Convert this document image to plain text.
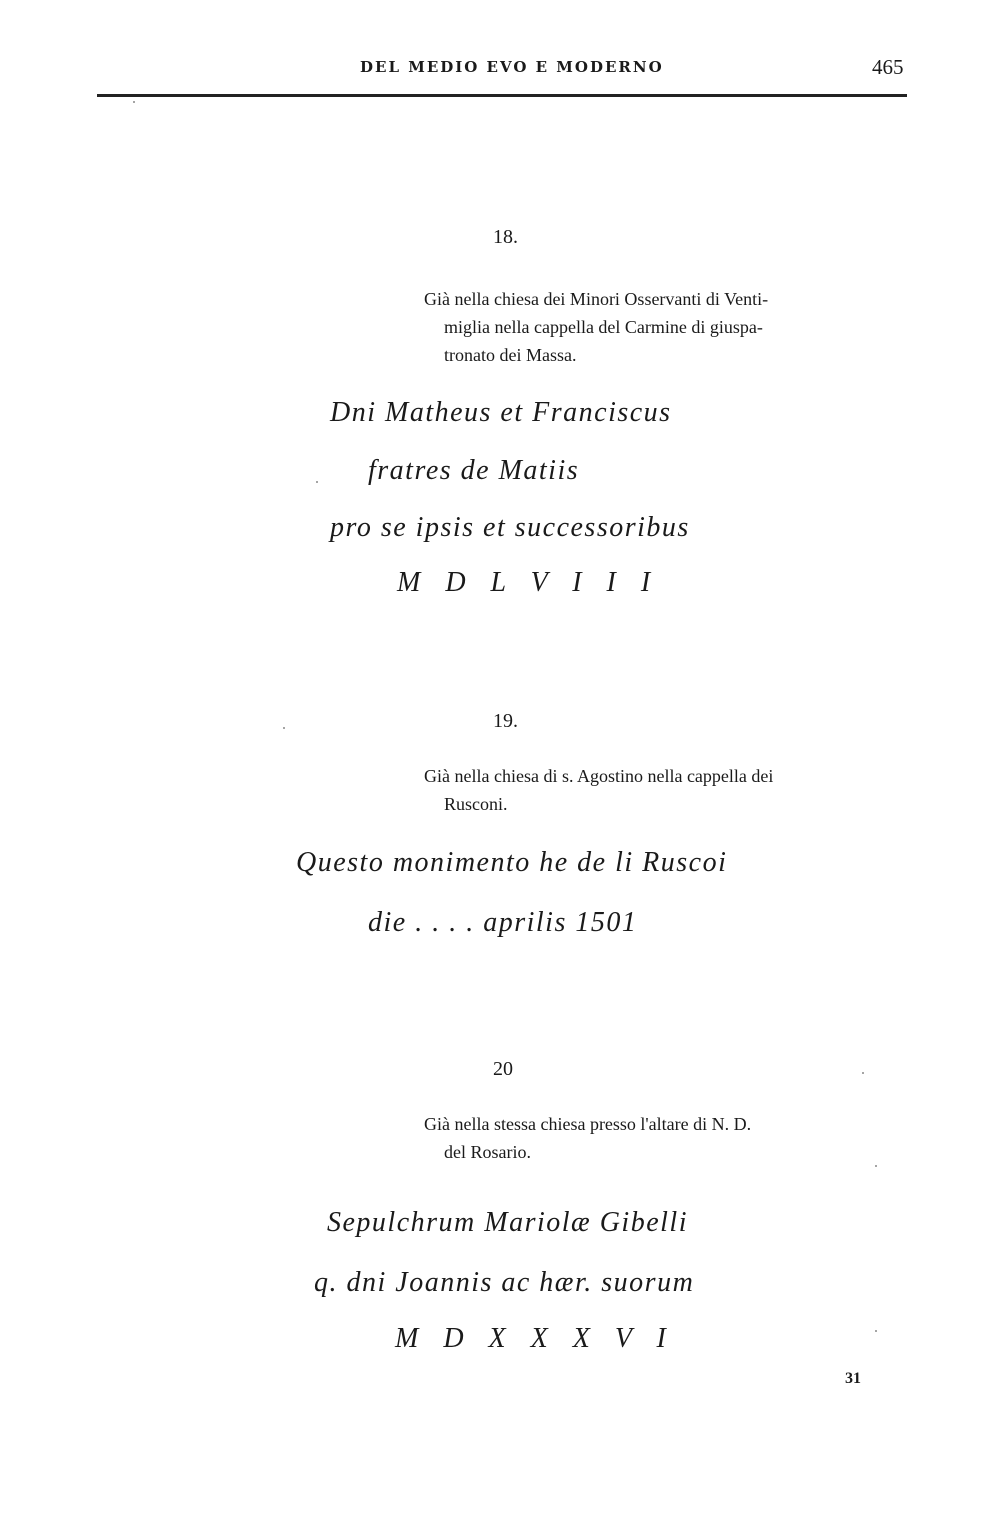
DEL MEDIO EVO E MODERNO	465
18.
Già nella chiesa dei Minori Osservanti di Venti-
miglia nella cappella del Carmine di giuspa-
tronato dei Massa.
Dni Matheus et Franciscus
fratres de Matiis
pro se ipsis et successoribus
M D L V I I I
19.
Già nella chiesa di s. Agostino nella cappella dei
Rusconi.
Questo monimento he de li Ruscoi
die . . . . aprilis 1501
20
Già nella stessa chiesa presso l'altare di N. D.
del Rosario.
Sepulchrum Mariolæ Gibelli
q. dni Joannis ac hær. suorum
M D X X X V I
31
